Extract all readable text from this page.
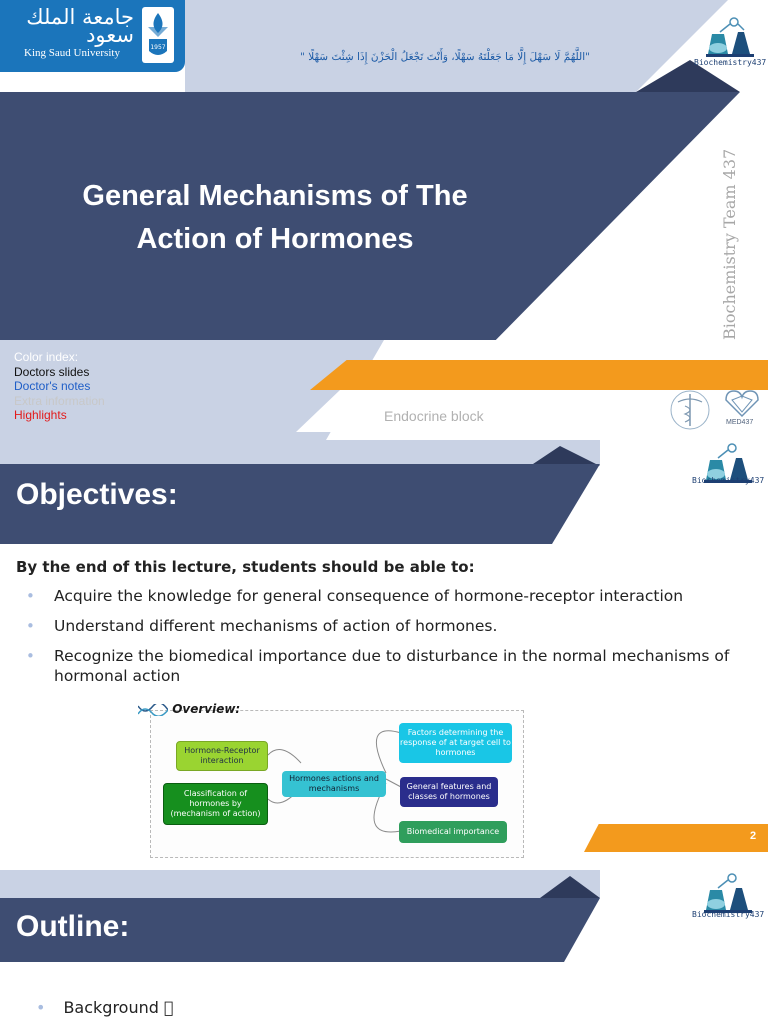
جامعة الملك سعود
King Saud University	1957
"اللَّهُمَّ لَا سَهْلَ إِلَّا مَا جَعَلْتَهُ سَهْلًا، وَأَنْتَ تَجْعَلُ الْحَزْنَ إِذَا شِئْتَ سَهْلًا "	Biochemistry437
General Mechanisms of The
Action of Hormones	Biochemistry Team 437
Color index:
Doctors slides
Doctor's notes
Extra information
Highlights	Endocrine block	MED437
Objectives:	Biochemistry437
By the end of this lecture, students should be able to:
• Acquire the knowledge for general consequence of hormone-receptor interaction
• Understand different mechanisms of action of hormones.
• Recognize the biomedical importance due to disturbance in the normal mechanisms of hormonal action
Hormones actions and mechanisms
Hormone-Receptor interaction
Classification of hormones by (mechanism of action)
Factors determining the response of at target cell to hormones
General features and classes of hormones
Biomedical importance
Overview:
2
Outline:	Biochemistry437
• Background
